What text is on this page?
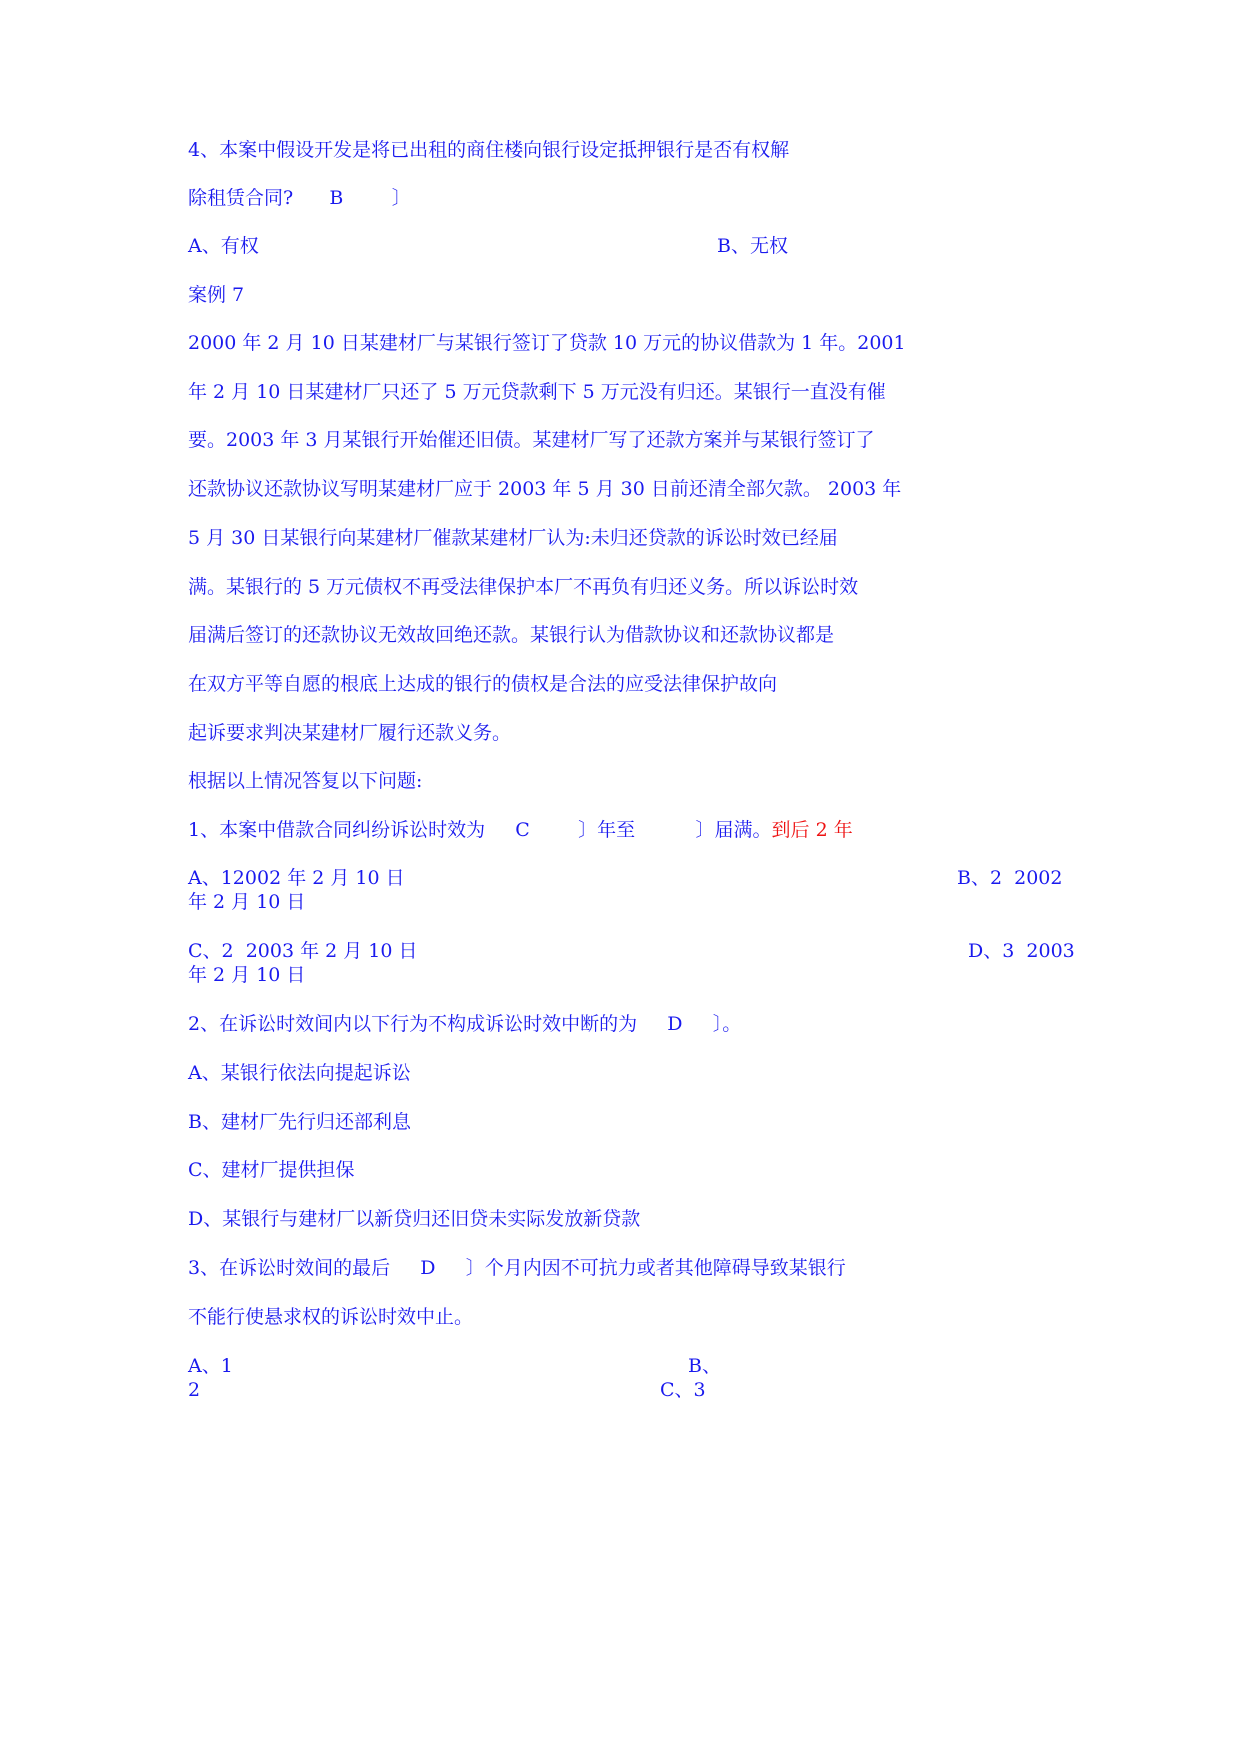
4、本案中假设开发是将已出租的商住楼向银行设定抵押银行是否有权解
除租赁合同?      B        〕
A、有权	B、无权
案例 7
2000 年 2 月 10 日某建材厂与某银行签订了贷款 10 万元的协议借款为 1 年。2001
年 2 月 10 日某建材厂只还了 5 万元贷款剩下 5 万元没有归还。某银行一直没有催
要。2003 年 3 月某银行开始催还旧债。某建材厂写了还款方案并与某银行签订了
还款协议还款协议写明某建材厂应于 2003 年 5 月 30 日前还清全部欠款。 2003 年
5 月 30 日某银行向某建材厂催款某建材厂认为:未归还贷款的诉讼时效已经届
满。某银行的 5 万元债权不再受法律保护本厂不再负有归还义务。所以诉讼时效
届满后签订的还款协议无效故回绝还款。某银行认为借款协议和还款协议都是
在双方平等自愿的根底上达成的银行的债权是合法的应受法律保护故向
起诉要求判决某建材厂履行还款义务。
根据以上情况答复以下问题:
1、本案中借款合同纠纷诉讼时效为     C        〕年至          〕届满。到后 2 年
A、12002 年 2 月 10 日	B、2  2002
年 2 月 10 日
C、2  2003 年 2 月 10 日	D、3  2003
年 2 月 10 日
2、在诉讼时效间内以下行为不构成诉讼时效中断的为     D     〕。
A、某银行依法向提起诉讼
B、建材厂先行归还部利息
C、建材厂提供担保
D、某银行与建材厂以新贷归还旧贷未实际发放新贷款
3、在诉讼时效间的最后     D     〕个月内因不可抗力或者其他障碍导致某银行
不能行使悬求权的诉讼时效中止。
A、1	B、
2	C、3
